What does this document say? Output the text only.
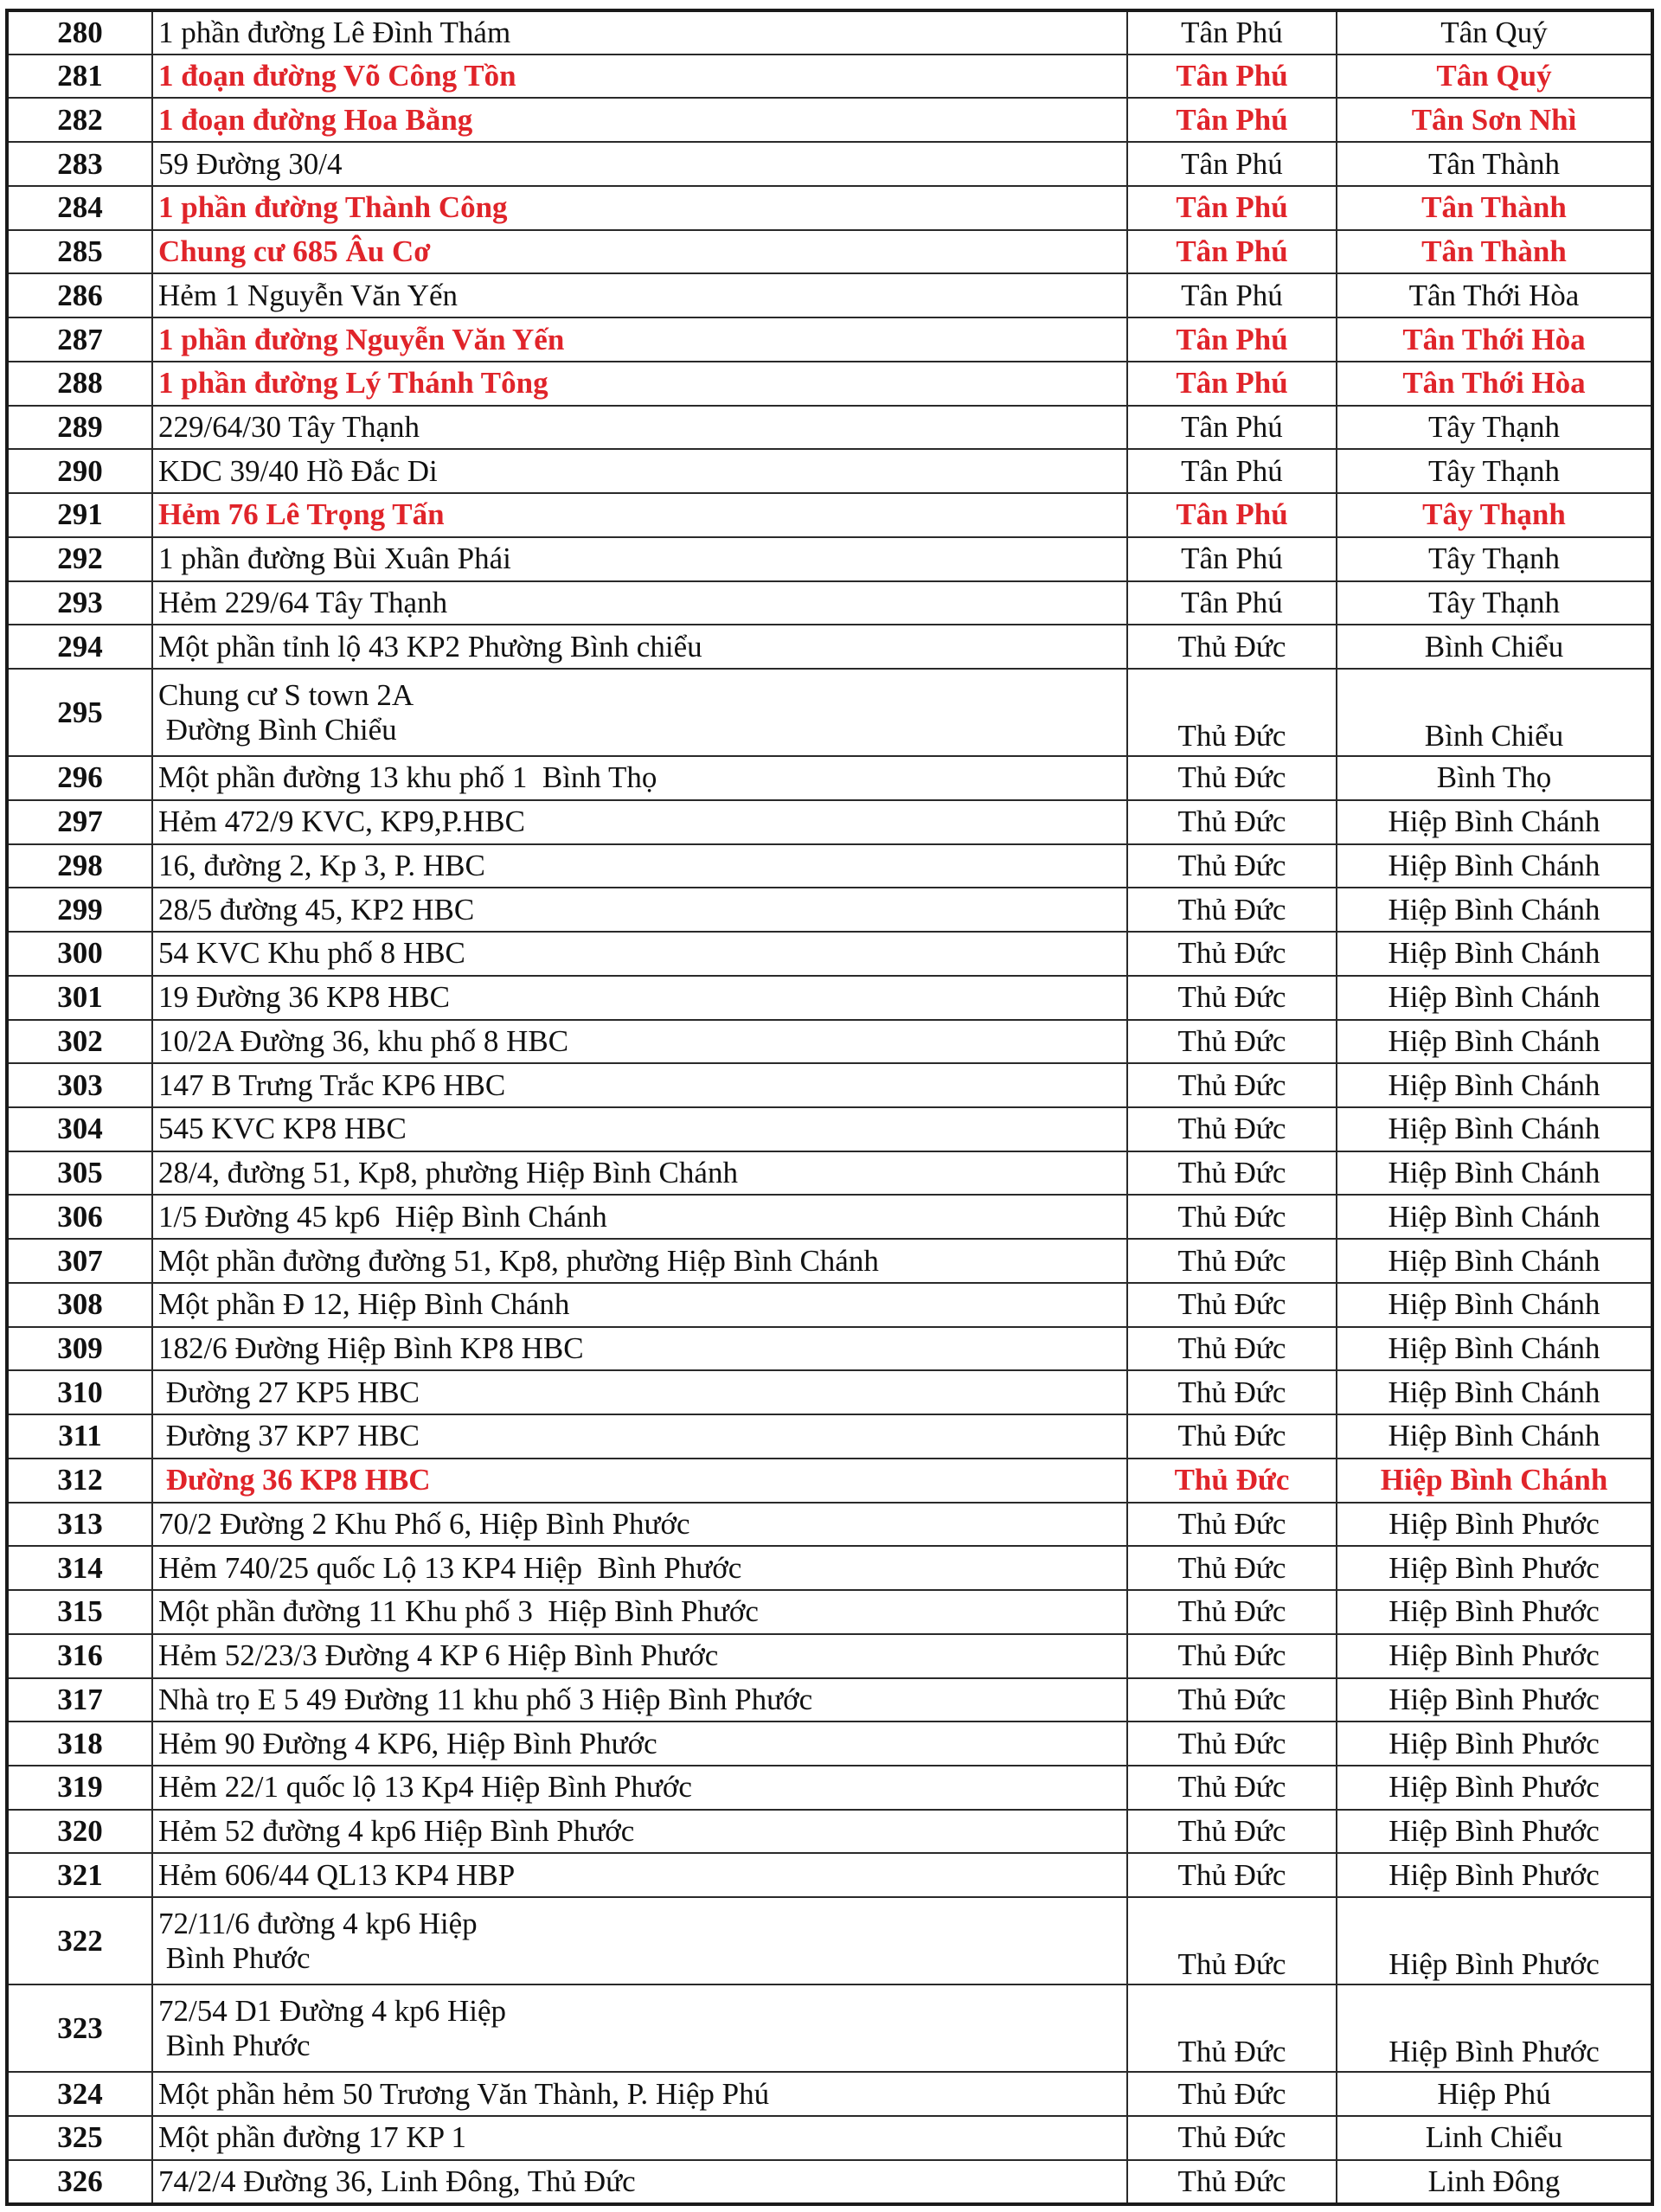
280	1 phần đường Lê Đình Thám	Tân Phú	Tân Quý
281	1 đoạn đường Võ Công Tồn	Tân Phú	Tân Quý
282	1 đoạn đường Hoa Bằng	Tân Phú	Tân Sơn Nhì
283	59 Đường 30/4	Tân Phú	Tân Thành
284	1 phần đường Thành Công	Tân Phú	Tân Thành
285	Chung cư 685 Âu Cơ	Tân Phú	Tân Thành
286	Hẻm 1 Nguyễn Văn Yến	Tân Phú	Tân Thới Hòa
287	1 phần đường Nguyễn Văn Yến	Tân Phú	Tân Thới Hòa
288	1 phần đường Lý Thánh Tông	Tân Phú	Tân Thới Hòa
289	229/64/30 Tây Thạnh	Tân Phú	Tây Thạnh
290	KDC 39/40 Hồ Đắc Di	Tân Phú	Tây Thạnh
291	Hẻm 76 Lê Trọng Tấn	Tân Phú	Tây Thạnh
292	1 phần đường Bùi Xuân Phái	Tân Phú	Tây Thạnh
293	Hẻm 229/64 Tây Thạnh	Tân Phú	Tây Thạnh
294	Một phần tỉnh lộ 43 KP2 Phường Bình chiểu	Thủ Đức	Bình Chiểu
295	Chung cư S town 2A
Đường Bình Chiểu	Thủ Đức	Bình Chiểu
296	Một phần đường 13 khu phố 1  Bình Thọ	Thủ Đức	Bình Thọ
297	Hẻm 472/9 KVC, KP9,P.HBC	Thủ Đức	Hiệp Bình Chánh
298	16, đường 2, Kp 3, P. HBC	Thủ Đức	Hiệp Bình Chánh
299	28/5 đường 45, KP2 HBC	Thủ Đức	Hiệp Bình Chánh
300	54 KVC Khu phố 8 HBC	Thủ Đức	Hiệp Bình Chánh
301	19 Đường 36 KP8 HBC	Thủ Đức	Hiệp Bình Chánh
302	10/2A Đường 36, khu phố 8 HBC	Thủ Đức	Hiệp Bình Chánh
303	147 B Trưng Trắc KP6 HBC	Thủ Đức	Hiệp Bình Chánh
304	545 KVC KP8 HBC	Thủ Đức	Hiệp Bình Chánh
305	28/4, đường 51, Kp8, phường Hiệp Bình Chánh	Thủ Đức	Hiệp Bình Chánh
306	1/5 Đường 45 kp6  Hiệp Bình Chánh	Thủ Đức	Hiệp Bình Chánh
307	Một phần đường đường 51, Kp8, phường Hiệp Bình Chánh	Thủ Đức	Hiệp Bình Chánh
308	Một phần Đ 12, Hiệp Bình Chánh	Thủ Đức	Hiệp Bình Chánh
309	182/6 Đường Hiệp Bình KP8 HBC	Thủ Đức	Hiệp Bình Chánh
310	Đường 27 KP5 HBC	Thủ Đức	Hiệp Bình Chánh
311	Đường 37 KP7 HBC	Thủ Đức	Hiệp Bình Chánh
312	Đường 36 KP8 HBC	Thủ Đức	Hiệp Bình Chánh
313	70/2 Đường 2 Khu Phố 6, Hiệp Bình Phước	Thủ Đức	Hiệp Bình Phước
314	Hẻm 740/25 quốc Lộ 13 KP4 Hiệp  Bình Phước	Thủ Đức	Hiệp Bình Phước
315	Một phần đường 11 Khu phố 3  Hiệp Bình Phước	Thủ Đức	Hiệp Bình Phước
316	Hẻm 52/23/3 Đường 4 KP 6 Hiệp Bình Phước	Thủ Đức	Hiệp Bình Phước
317	Nhà trọ E 5 49 Đường 11 khu phố 3 Hiệp Bình Phước	Thủ Đức	Hiệp Bình Phước
318	Hẻm 90 Đường 4 KP6, Hiệp Bình Phước	Thủ Đức	Hiệp Bình Phước
319	Hẻm 22/1 quốc lộ 13 Kp4 Hiệp Bình Phước	Thủ Đức	Hiệp Bình Phước
320	Hẻm 52 đường 4 kp6 Hiệp Bình Phước	Thủ Đức	Hiệp Bình Phước
321	Hẻm 606/44 QL13 KP4 HBP	Thủ Đức	Hiệp Bình Phước
322	72/11/6 đường 4 kp6 Hiệp
Bình Phước	Thủ Đức	Hiệp Bình Phước
323	72/54 D1 Đường 4 kp6 Hiệp
Bình Phước	Thủ Đức	Hiệp Bình Phước
324	Một phần hẻm 50 Trương Văn Thành, P. Hiệp Phú	Thủ Đức	Hiệp Phú
325	Một phần đường 17 KP 1	Thủ Đức	Linh Chiểu
326	74/2/4 Đường 36, Linh Đông, Thủ Đức	Thủ Đức	Linh Đông
